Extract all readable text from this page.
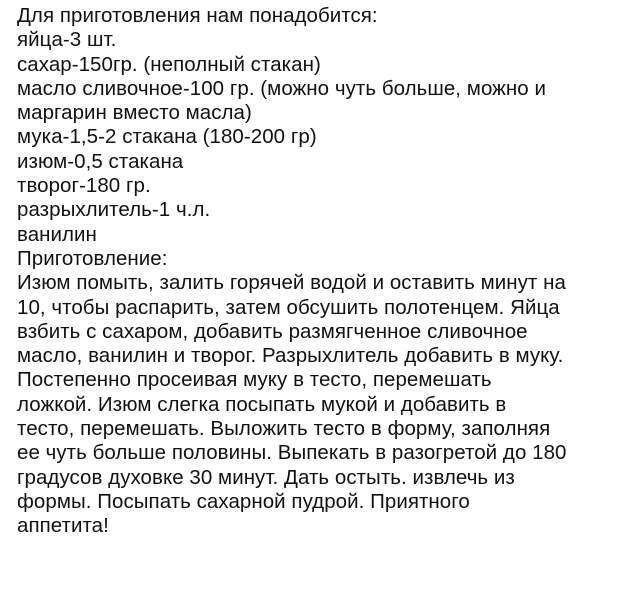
Для приготовления нам понадобится:
яйца-3 шт.
сахар-150гр. (неполный стакан)
масло сливочное-100 гр. (можно чуть больше, можно и
маргарин вместо масла)
мука-1,5-2 стакана (180-200 гр)
изюм-0,5 стакана
творог-180 гр.
разрыхлитель-1 ч.л.
ванилин
Приготовление:
Изюм помыть, залить горячей водой и оставить минут на
10, чтобы распарить, затем обсушить полотенцем. Яйца
взбить с сахаром, добавить размягченное сливочное
масло, ванилин и творог. Разрыхлитель добавить в муку.
Постепенно просеивая муку в тесто, перемешать
ложкой. Изюм слегка посыпать мукой и добавить в
тесто, перемешать. Выложить тесто в форму, заполняя
ее чуть больше половины. Выпекать в разогретой до 180
градусов духовке 30 минут. Дать остыть. извлечь из
формы. Посыпать сахарной пудрой. Приятного
аппетита!
